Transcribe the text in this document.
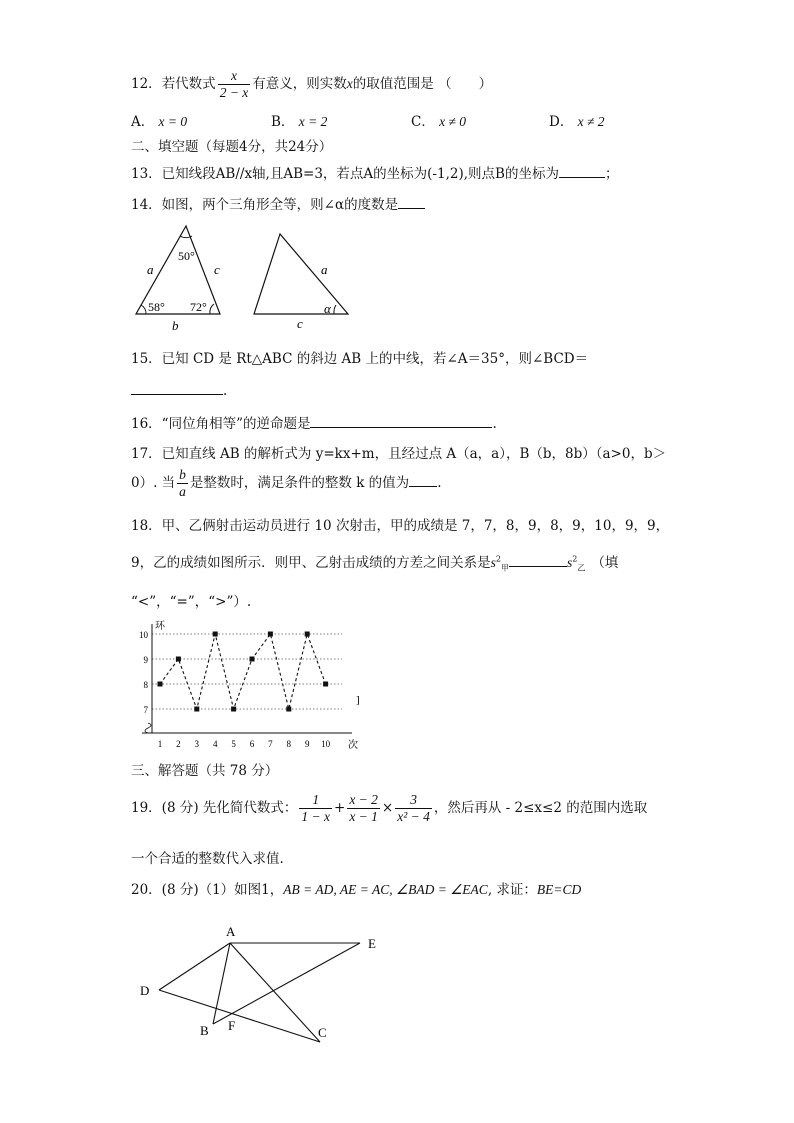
12．若代数式 $\frac{x}{2 - x}$ 有意义，则实数x的取值范围是 （　　）
A． x = 0	B． x = 2	C． x ≠ 0	D． x ≠ 2
二、填空题（每题4分，共24分）
13．已知线段AB//x轴,且AB=3，若点A的坐标为(-1,2),则点B的坐标为	；
14．如图，两个三角形全等，则∠α的度数是
50°
58° 72°
a	c
b
a
c
α
15．已知 CD 是 Rt△ABC 的斜边 AB 上的中线，若∠A＝35°，则∠BCD＝
.
16．“同位角相等”的逆命题是	.
17．已知直线 AB 的解析式为 y=kx+m，且经过点 A（a，a），B（b，8b）（a>0，b＞
0）. 当 $\frac{b}{a}$ 是整数时，满足条件的整数 k 的值为 .
18．甲、乙俩射击运动员进行 10 次射击，甲的成绩是 7，7，8，9，8，9，10，9，9，
9，乙的成绩如图所示．则甲、乙射击成绩的方差之间关系是$s^2_甲$	$s^2_乙$ （填
“<”，“=”，“>”）.
7
8
9
10
环
次
1 2 3 4 5 6 7 8 9 10
]
三、解答题（共 78 分）
19．(8 分) 先化简代数式： $\frac{1}{1 - x} + \frac{x - 2}{x - 1} \times \frac{3}{\text{x² − 4}}$ ，然后再从 - 2≤x≤2 的范围内选取
一个合适的整数代入求值.
20．(8 分)（1）如图1，AB = AD, AE = AC, ∠BAD = ∠EAC, 求证：BE=CD
A
E
D
B F	C
